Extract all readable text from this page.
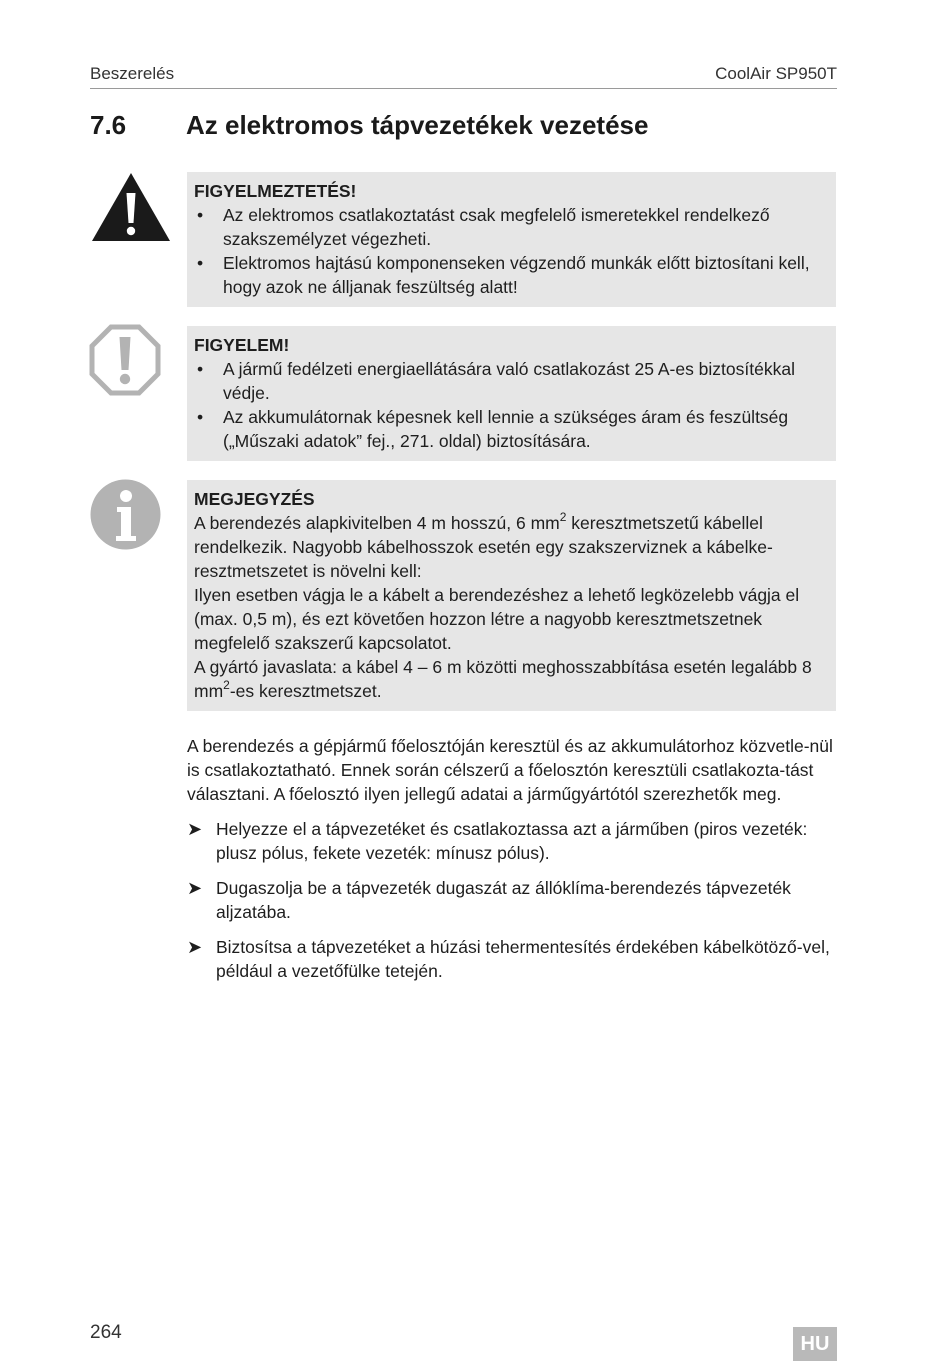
Beszerelés	CoolAir SP950T
7.6 Az elektromos tápvezetékek vezetése
FIGYELMEZTETÉS!
• Az elektromos csatlakoztatást csak megfelelő ismeretekkel rendelkező szakszemélyzet végezheti.
• Elektromos hajtású komponenseken végzendő munkák előtt biztosítani kell, hogy azok ne álljanak feszültség alatt!
FIGYELEM!
• A jármű fedélzeti energiaellátására való csatlakozást 25 A-es biztosítékkal védje.
• Az akkumulátornak képesnek kell lennie a szükséges áram és feszültség („Műszaki adatok” fej., 271. oldal) biztosítására.
MEGJEGYZÉS

A berendezés alapkivitelben 4 m hosszú, 6 $mm^2$ keresztmetszetű kábellel rendelkezik. Nagyobb kábelhosszok esetén egy szakszerviznek a kábelke-resztmetszetet is növelni kell:

Ilyen esetben vágja le a kábelt a berendezéshez a lehető legközelebb vágja el (max. 0,5 m), és ezt követően hozzon létre a nagyobb keresztmetszetnek megfelelő szakszerű kapcsolatot.

A gyártó javaslata: a kábel 4 – 6 m közötti meghosszabbítása esetén legalább 8 $mm^2-es$ keresztmetszet.

A berendezés a gépjármű főelosztóján keresztül és az akkumulátorhoz közvetle-nül is csatlakoztatható. Ennek során célszerű a főelosztón keresztüli csatlakozta-tást választani. A főelosztó ilyen jellegű adatai a járműgyártótól szerezhetők meg.
➤ Helyezze el a tápvezetéket és csatlakoztassa azt a járműben (piros vezeték: plusz pólus, fekete vezeték: mínusz pólus).
➤ Dugaszolja be a tápvezeték dugaszát az állóklíma-berendezés tápvezeték aljzatába.
➤ Biztosítsa a tápvezetéket a húzási tehermentesítés érdekében kábelkötöző-vel, például a vezetőfülke tetején.
264	HU
